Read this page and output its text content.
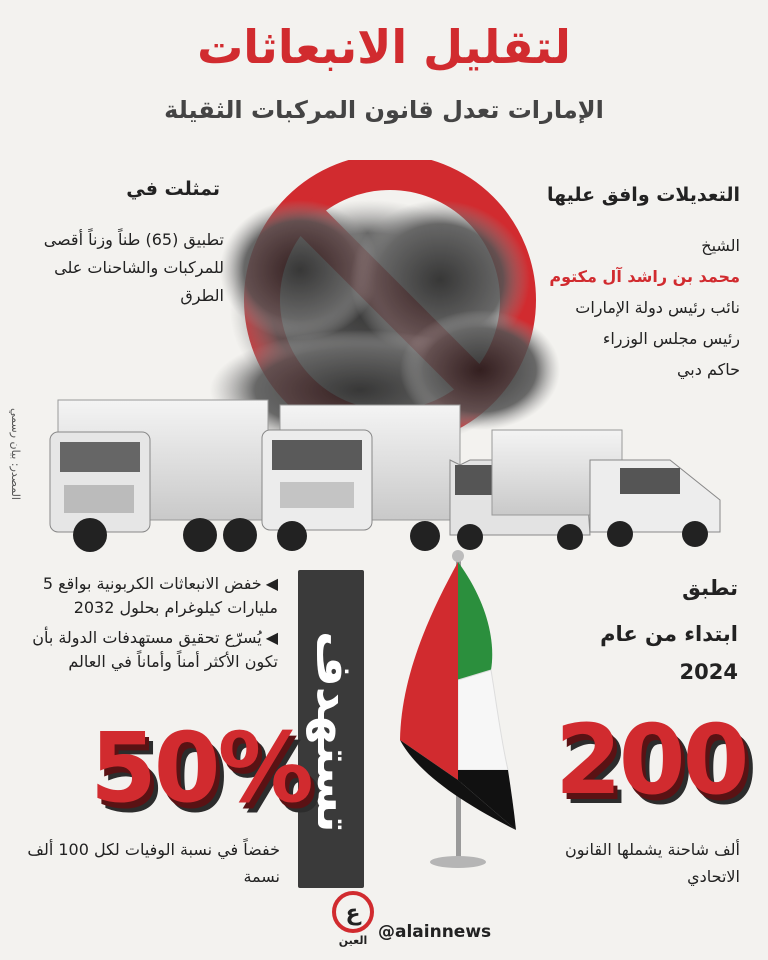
لتقليل الانبعاثات
الإمارات تعدل قانون المركبات الثقيلة
تمثلت في
تطبيق (65) طناً وزناً أقصى للمركبات والشاحنات على الطرق
التعديلات وافق عليها
الشيخ
محمد بن راشد آل مكتوم
نائب رئيس دولة الإمارات
رئيس مجلس الوزراء
حاكم دبي
المصدر: بيان رسمي
◀خفض الانبعاثات الكربونية بواقع 5 مليارات كيلوغرام بحلول 2032
◀يُسرّع تحقيق مستهدفات الدولة بأن تكون الأكثر أمناً وأماناً في العالم تستهدف
50%
خفضاً في نسبة الوفيات لكل 100 ألف نسمة
تطبق
ابتداء من عام
2024
200
ألف شاحنة يشملها القانون الاتحادي
ع
العين @alainnews
